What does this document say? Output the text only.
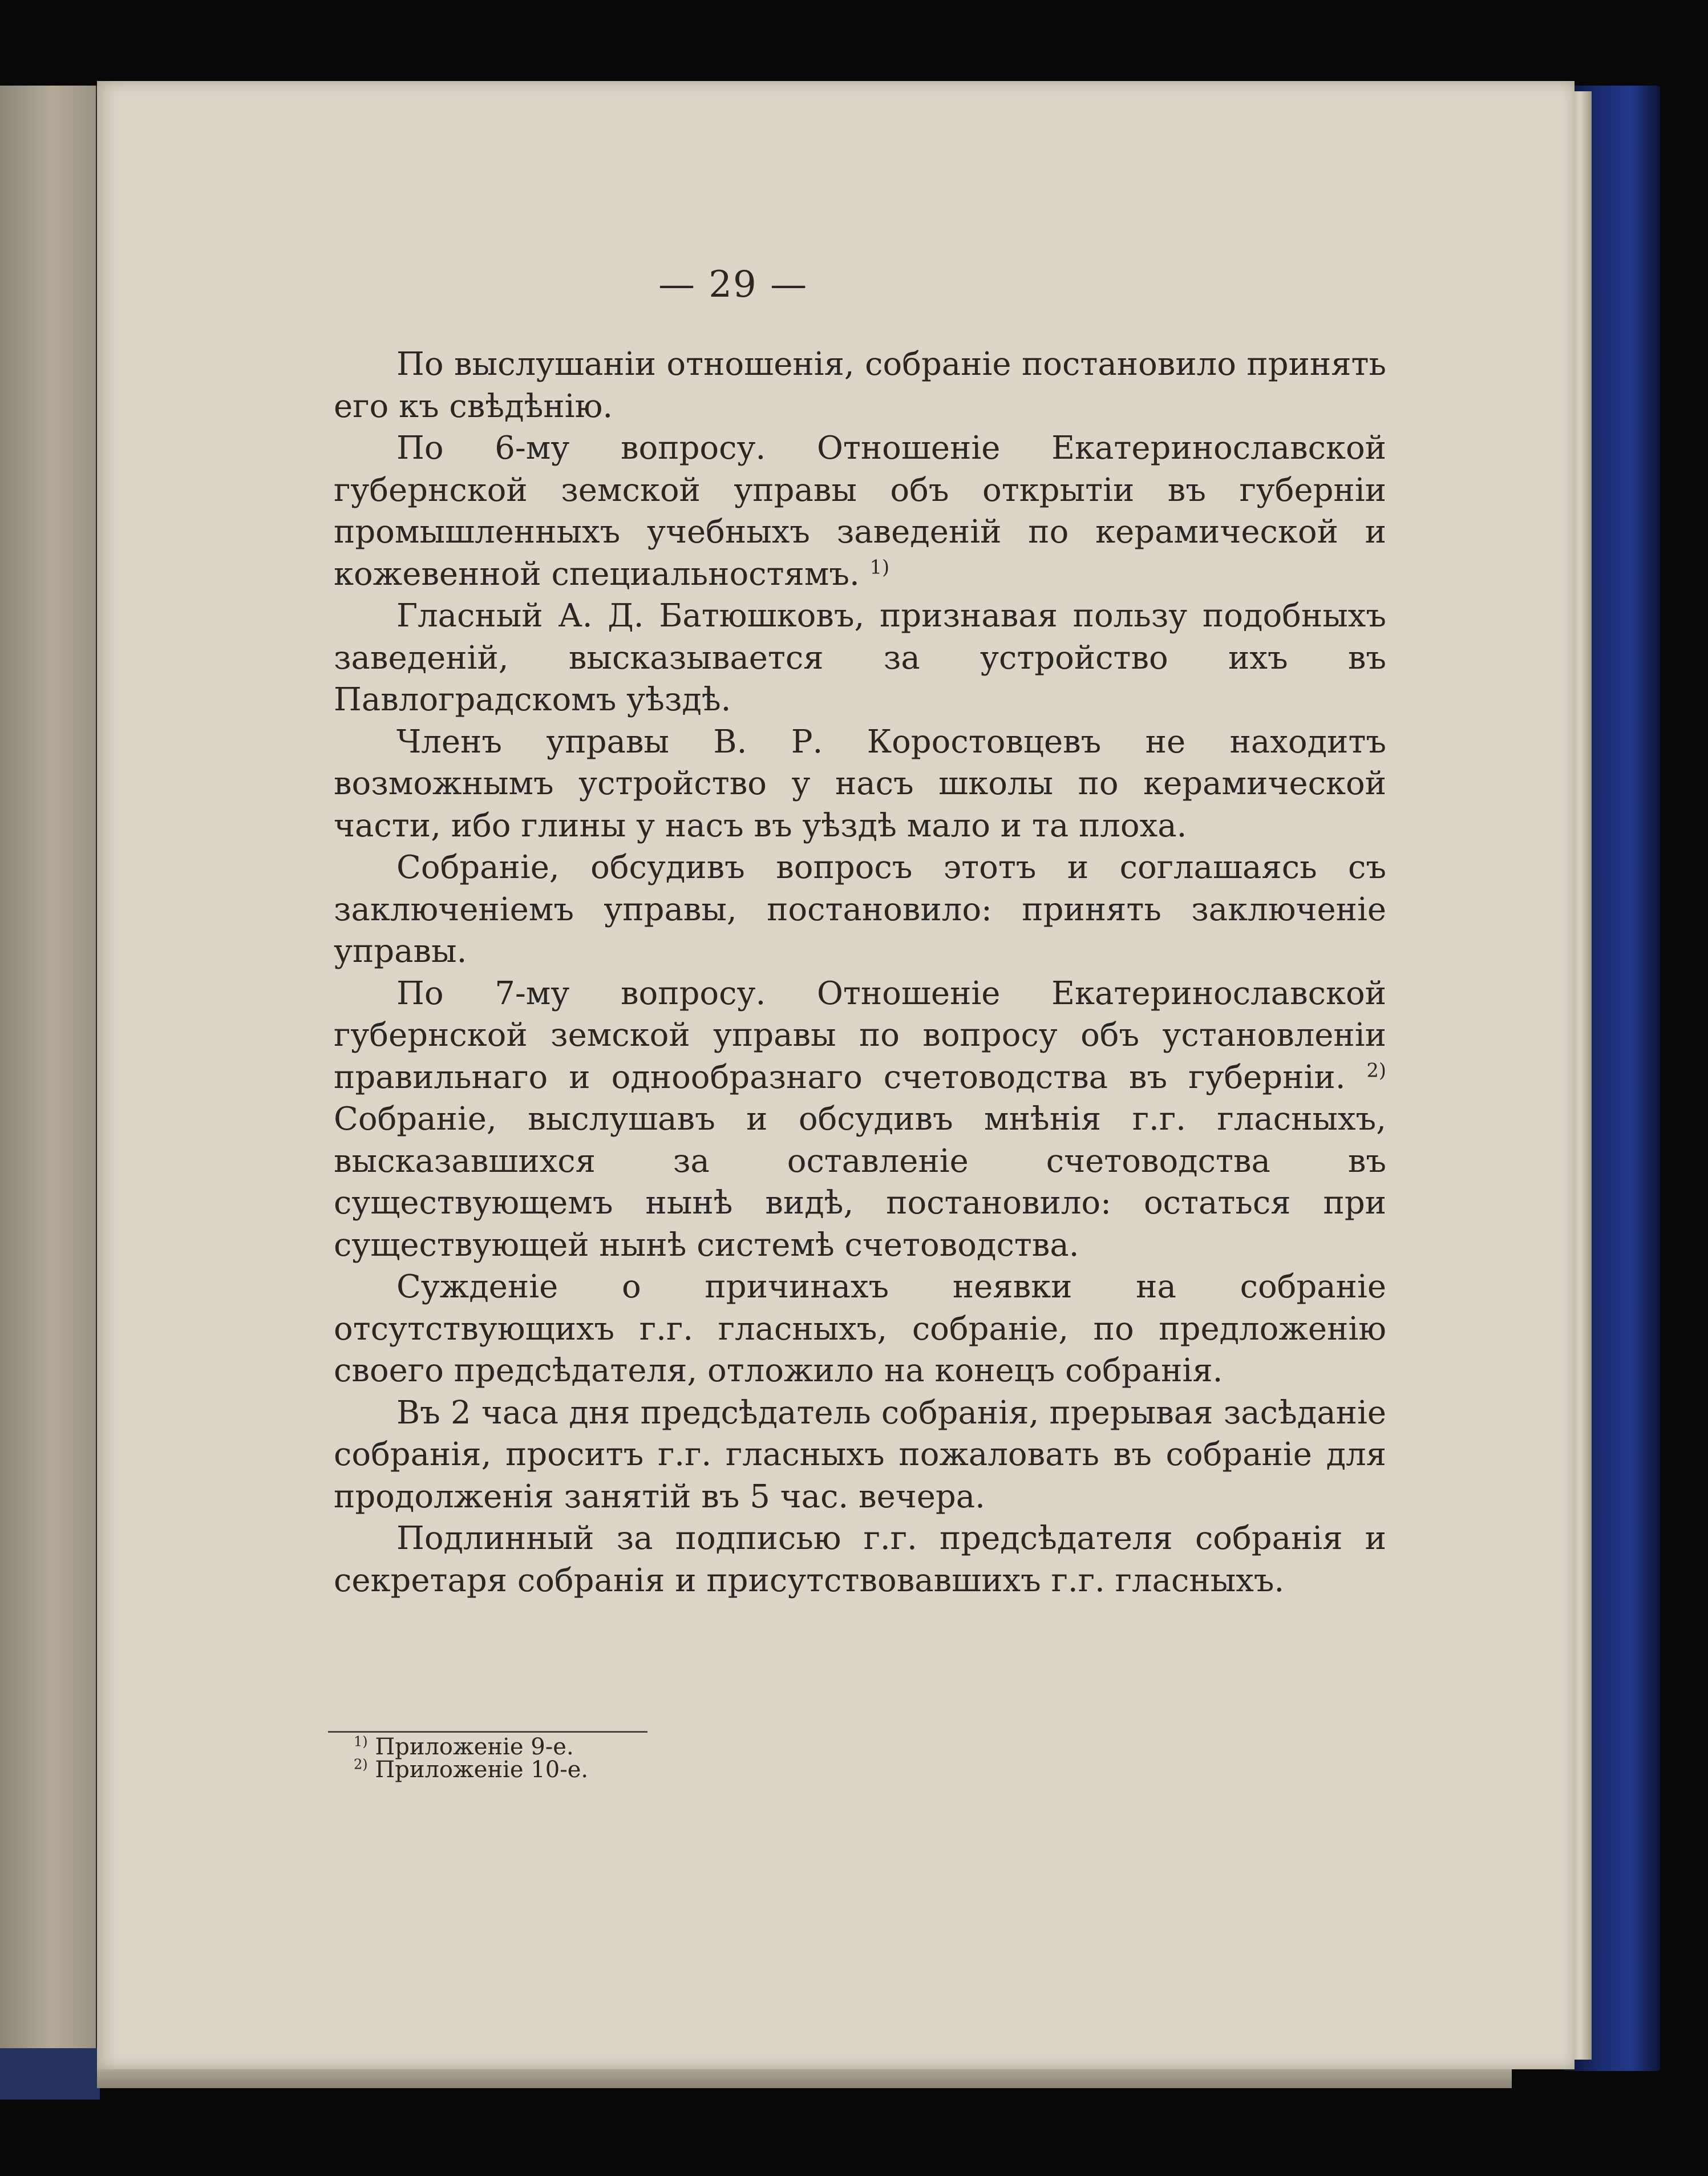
— 29 —

По выслушаніи отношенія, собраніе постановило принять его къ свѣдѣнію.

По 6-му вопросу. Отношеніе Екатеринославской губернской земской управы объ открытіи въ губерніи промышленныхъ учебныхъ заведеній по керамической и кожевенной специальностямъ. $^{1)}$

Гласный А. Д. Батюшковъ, признавая пользу подобныхъ заведеній, высказывается за устройство ихъ въ Павлоградскомъ уѣздѣ.

Членъ управы В. Р. Коростовцевъ не находитъ возможнымъ устройство у насъ школы по керамической части, ибо глины у насъ въ уѣздѣ мало и та плоха.

Собраніе, обсудивъ вопросъ этотъ и соглашаясь съ заключеніемъ управы, постановило: принять заключеніе управы.

По 7-му вопросу. Отношеніе Екатеринославской губернской земской управы по вопросу объ установленіи правильнаго и однообразнаго счетоводства въ губерніи. $^{2)}$ Собраніе, выслушавъ и обсудивъ мнѣнія г.г. гласныхъ, высказавшихся за оставленіе счетоводства въ существующемъ нынѣ видѣ, постановило: остаться при существующей нынѣ системѣ счетоводства.

Сужденіе о причинахъ неявки на собраніе отсутствующихъ г.г. гласныхъ, собраніе, по предложенію своего предсѣдателя, отложило на конецъ собранія.

Въ 2 часа дня предсѣдатель собранія, прерывая засѣданіе собранія, проситъ г.г. гласныхъ пожаловать въ собраніе для продолженія занятій въ 5 час. вечера.

Подлинный за подписью г.г. предсѣдателя собранія и секретаря собранія и присутствовавшихъ г.г. гласныхъ.

$^{1)}$ Приложеніе 9-е.

$^{2)}$ Приложеніе 10-е.
